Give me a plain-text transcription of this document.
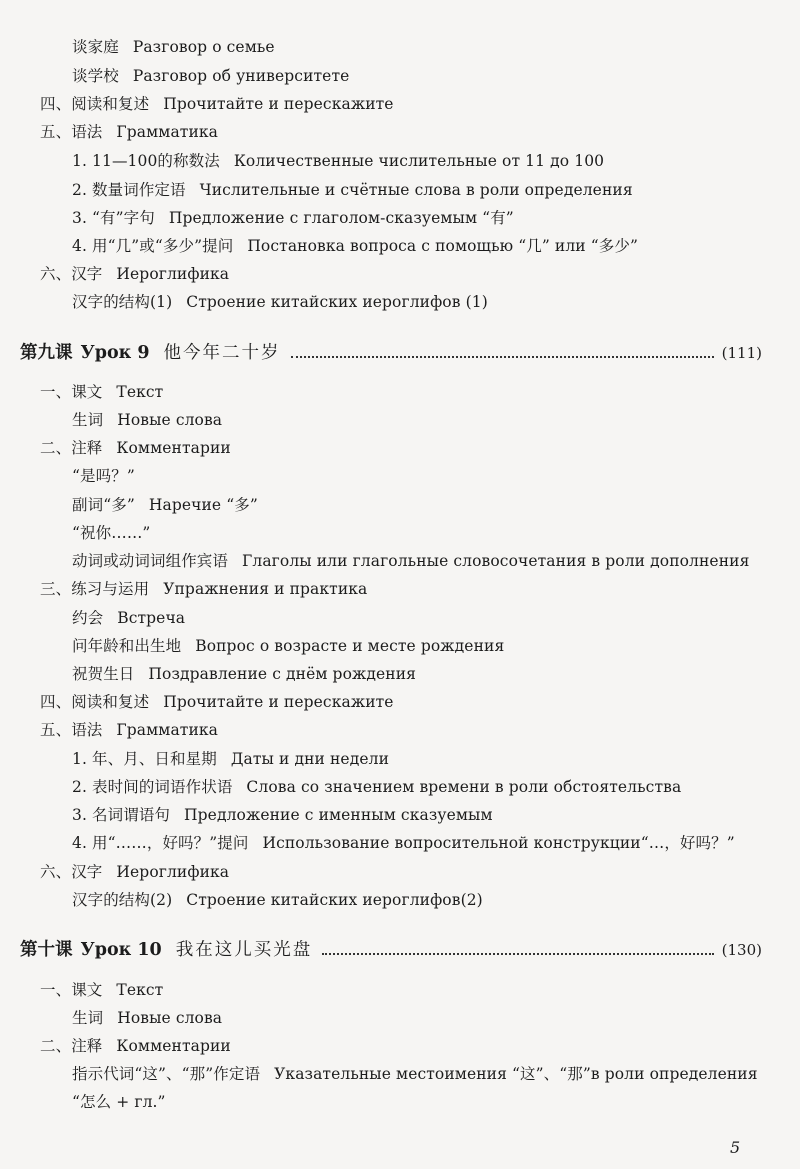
谈家庭 Разговор о семье
谈学校 Разговор об университете
四、阅读和复述 Прочитайте и перескажите
五、语法 Грамматика
1. 11—100的称数法 Количественные числительные от 11 до 100
2. 数量词作定语 Числительные и счётные слова в роли определения
3. “有”字句 Предложение с глаголом-сказуемым “有”
4. 用“几”或“多少”提问 Постановка вопроса с помощью “几” или “多少”
六、汉字 Иероглифика
汉字的结构(1) Строение китайских иероглифов (1)
第九课 Урок 9 他今年二十岁	(111)
一、课文 Текст
生词 Новые слова
二、注释 Комментарии
“是吗？”
副词“多” Наречие “多”
“祝你……”
动词或动词词组作宾语 Глаголы или глагольные словосочетания в роли дополнения
三、练习与运用 Упражнения и практика
约会 Встреча
问年龄和出生地 Вопрос о возрасте и месте рождения
祝贺生日 Поздравление с днём рождения
四、阅读和复述 Прочитайте и перескажите
五、语法 Грамматика
1. 年、月、日和星期 Даты и дни недели
2. 表时间的词语作状语 Слова со значением времени в роли обстоятельства
3. 名词谓语句 Предложение с именным сказуемым
4. 用“……，好吗？”提问 Использование вопросительной конструкции“…，好吗？”
六、汉字 Иероглифика
汉字的结构(2) Строение китайских иероглифов(2)
第十课 Урок 10 我在这儿买光盘	(130)
一、课文 Текст
生词 Новые слова
二、注释 Комментарии
指示代词“这”、“那”作定语 Указательные местоимения “这”、“那”в роли определения
“怎么 + гл.”
5
